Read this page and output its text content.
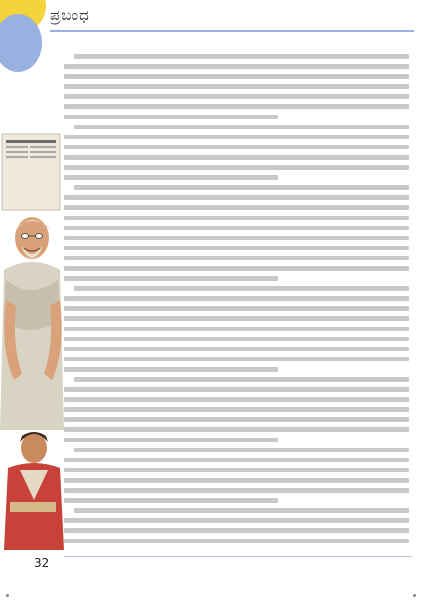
ಪ್ರಬಂಧ
32
